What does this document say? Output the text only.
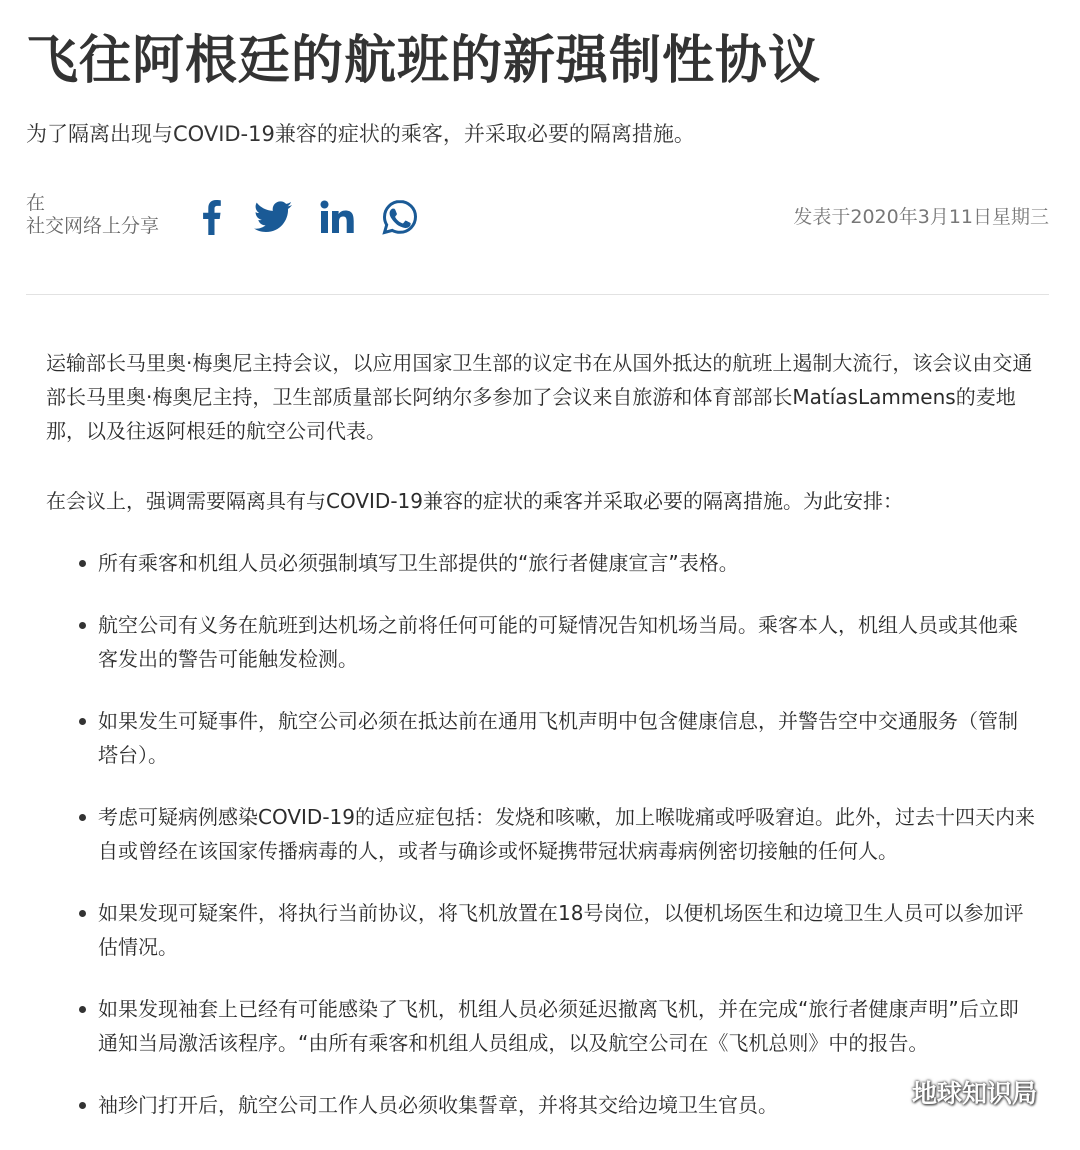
飞往阿根廷的航班的新强制性协议
为了隔离出现与COVID-19兼容的症状的乘客，并采取必要的隔离措施。
在
社交网络上分享	发表于2020年3月11日星期三

运输部长马里奥·梅奥尼主持会议，以应用国家卫生部的议定书在从国外抵达的航班上遏制大流行，该会议由交通部长马里奥·梅奥尼主持，卫生部质量部长阿纳尔多参加了会议来自旅游和体育部部长MatíasLammens的麦地那，以及往返阿根廷的航空公司代表。

在会议上，强调需要隔离具有与COVID-19兼容的症状的乘客并采取必要的隔离措施。为此安排：

所有乘客和机组人员必须强制填写卫生部提供的“旅行者健康宣言”表格。
航空公司有义务在航班到达机场之前将任何可能的可疑情况告知机场当局。乘客本人，机组人员或其他乘客发出的警告可能触发检测。
如果发生可疑事件，航空公司必须在抵达前在通用飞机声明中包含健康信息，并警告空中交通服务（管制塔台）。
考虑可疑病例感染COVID-19的适应症包括：发烧和咳嗽，加上喉咙痛或呼吸窘迫。此外，过去十四天内来自或曾经在该国家传播病毒的人，或者与确诊或怀疑携带冠状病毒病例密切接触的任何人。
如果发现可疑案件，将执行当前协议，将飞机放置在18号岗位，以便机场医生和边境卫生人员可以参加评估情况。
如果发现袖套上已经有可能感染了飞机，机组人员必须延迟撤离飞机，并在完成“旅行者健康声明”后立即通知当局激活该程序。“由所有乘客和机组人员组成，以及航空公司在《飞机总则》中的报告。
袖珍门打开后，航空公司工作人员必须收集誓章，并将其交给边境卫生官员。	地球知识局
